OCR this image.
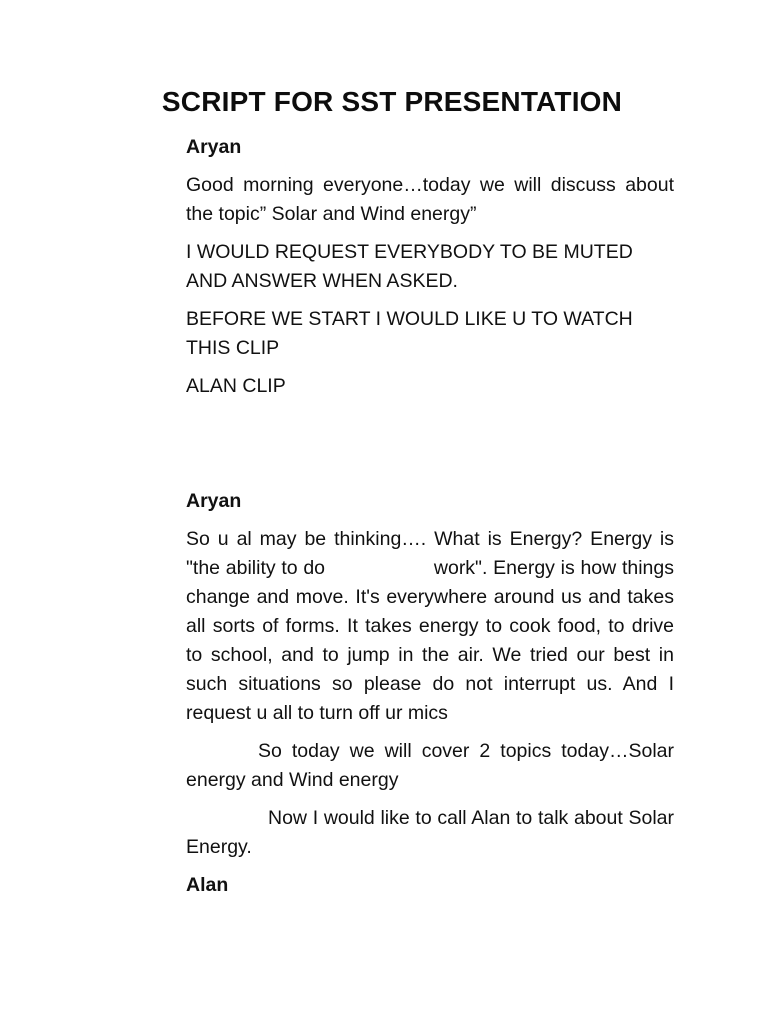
SCRIPT FOR SST PRESENTATION

Aryan

Good morning everyone…today we will discuss about the topic” Solar and Wind energy”

I WOULD REQUEST EVERYBODY TO BE MUTED AND ANSWER WHEN ASKED.

BEFORE WE START I WOULD LIKE U TO WATCH THIS CLIP

ALAN CLIP

Aryan

So u al may be thinking…. What is Energy? Energy is "the ability to do                   work". Energy is how things change and move. It's everywhere around us and takes all sorts of forms. It takes energy to cook food, to drive to school, and to jump in the air. We tried our best in such situations so please do not interrupt us. And I request u all to turn off ur mics

So today we will cover 2 topics today…Solar energy and Wind energy

Now I would like to call Alan to talk about Solar Energy.

Alan
